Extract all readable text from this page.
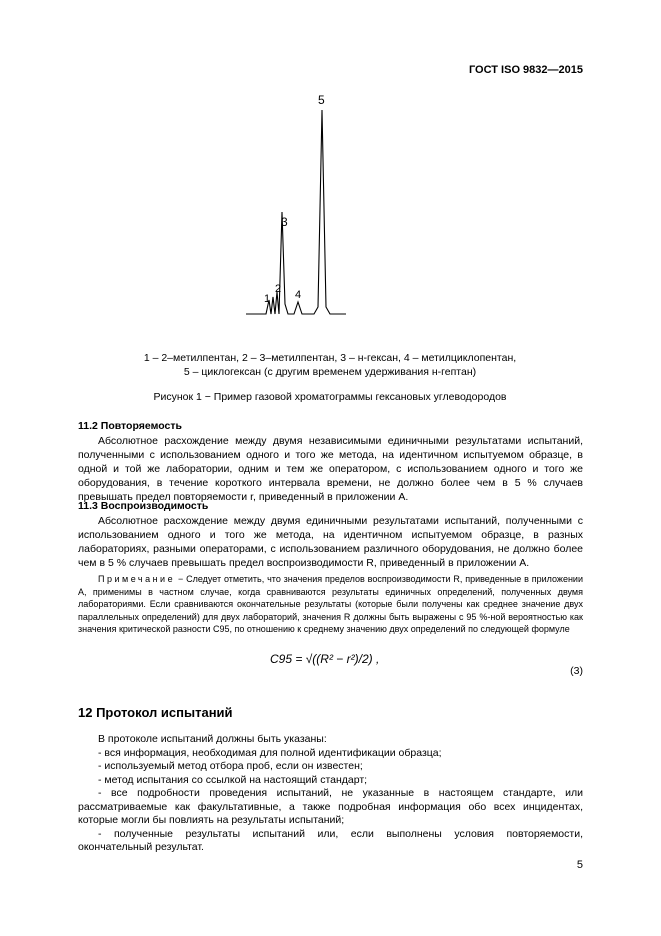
ГОСТ ISO 9832—2015
1
2
3
4
5
1 – 2–метилпентан, 2 – 3–метилпентан, 3 – н-гексан, 4 – метилциклопентан,
5 – циклогексан (с другим временем удерживания н-гептан)
Рисунок 1 − Пример газовой хроматограммы гексановых углеводородов
11.2 Повторяемость

Абсолютное расхождение между двумя независимыми единичными результатами испытаний, полученными с использованием одного и того же метода, на идентичном испытуемом образце, в одной и той же лаборатории, одним и тем же оператором, с использованием одного и того же оборудования, в течение короткого интервала времени, не должно более чем в 5 % случаев превышать предел повторяемости r, приведенный в приложении А.

11.3 Воспроизводимость

Абсолютное расхождение между двумя единичными результатами испытаний, полученными с использованием одного и того же метода, на идентичном испытуемом образце, в разных лабораториях, разными операторами, с использованием различного оборудования, не должно более чем в 5 % случаев превышать предел воспроизводимости R, приведенный в приложении А.

Примечание − Следует отметить, что значения пределов воспроизводимости R, приведенные в приложении А, применимы в частном случае, когда сравниваются результаты единичных определений, полученных двумя лабораториями. Если сравниваются окончательные результаты (которые были получены как среднее значение двух параллельных определений) для двух лабораторий, значения R должны быть выражены с 95 %-ной вероятностью как значения критической разности C95, по отношению к среднему значению двух определений по следующей формуле
C95 = √((R² − r²)/2) ,
(3)
12 Протокол испытаний
В протоколе испытаний должны быть указаны:
- вся информация, необходимая для полной идентификации образца;
- используемый метод отбора проб, если он известен;
- метод испытания со ссылкой на настоящий стандарт;
- все подробности проведения испытаний, не указанные в настоящем стандарте, или рассматриваемые как факультативные, а также подробная информация обо всех инцидентах, которые могли бы повлиять на результаты испытаний;
- полученные результаты испытаний или, если выполнены условия повторяемости, окончательный результат.
5
